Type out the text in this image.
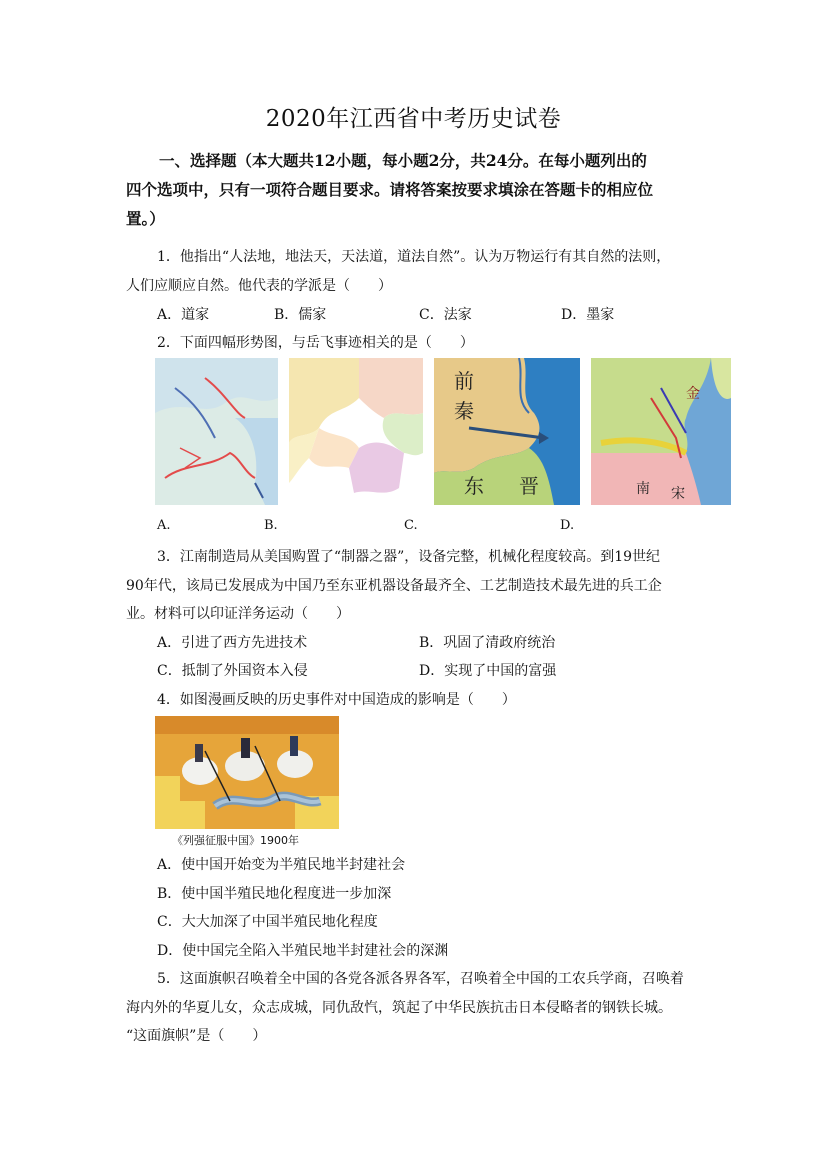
2020年江西省中考历史试卷
一、选择题（本大题共12小题，每小题2分，共24分。在每小题列出的
四个选项中，只有一项符合题目要求。请将答案按要求填涂在答题卡的相应位
置。）
1．他指出“人法地，地法天，天法道，道法自然”。认为万物运行有其自然的法则，
人们应顺应自然。他代表的学派是（　　）
A．道家	B．儒家	C．法家	D．墨家
2．下面四幅形势图，与岳飞事迹相关的是（　　）
前
秦
东 晋
金
南 宋
A.	B.	C.	D.
3．江南制造局从美国购置了“制器之器”，设备完整，机械化程度较高。到19世纪
90年代，该局已发展成为中国乃至东亚机器设备最齐全、工艺制造技术最先进的兵工企
业。材料可以印证洋务运动（　　）
A．引进了西方先进技术	B．巩固了清政府统治
C．抵制了外国资本入侵	D．实现了中国的富强
4．如图漫画反映的历史事件对中国造成的影响是（　　）
《列强征服中国》1900年
A．使中国开始变为半殖民地半封建社会
B．使中国半殖民地化程度进一步加深
C．大大加深了中国半殖民地化程度
D．使中国完全陷入半殖民地半封建社会的深渊
5．这面旗帜召唤着全中国的各党各派各界各军，召唤着全中国的工农兵学商，召唤着
海内外的华夏儿女，众志成城，同仇敌忾，筑起了中华民族抗击日本侵略者的钢铁长城。
“这面旗帜”是（　　）
